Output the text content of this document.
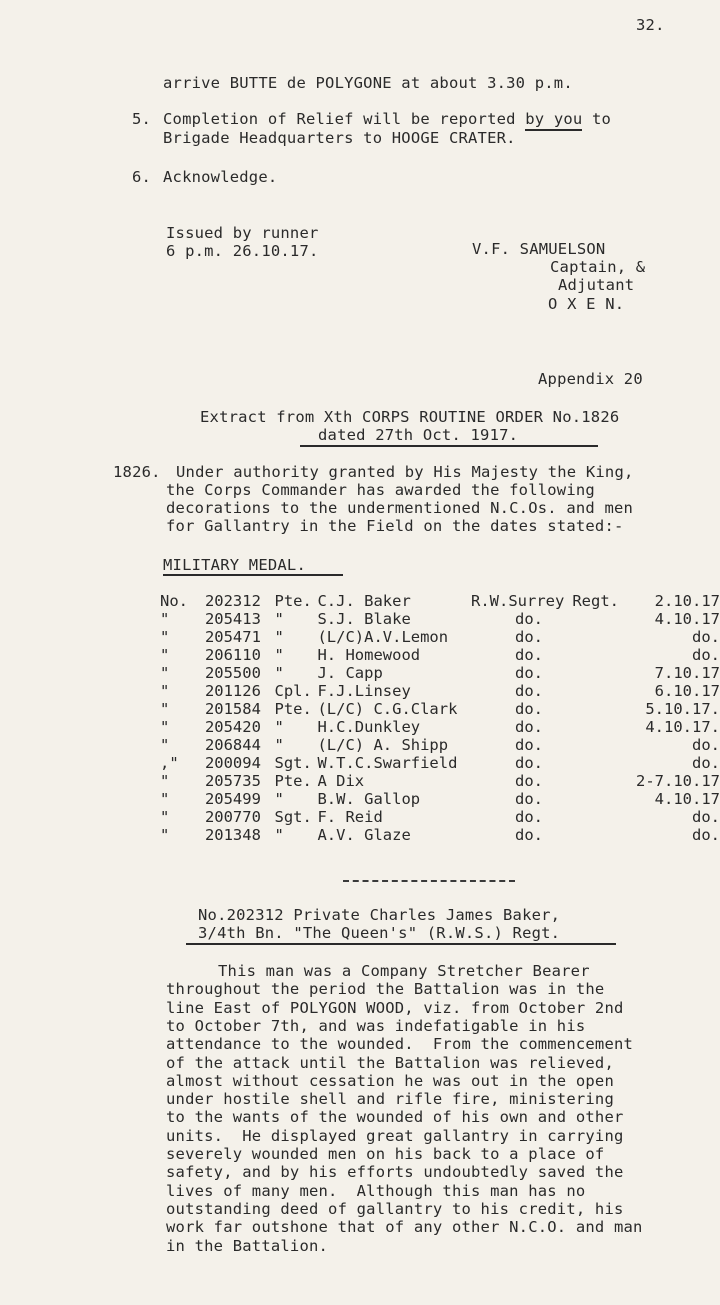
32.
arrive BUTTE de POLYGONE at about 3.30 p.m.
5. Completion of Relief will be reported by you to
Brigade Headquarters to HOOGE CRATER.
6. Acknowledge.
Issued by runner
6 p.m. 26.10.17.	V.F. SAMUELSON
Captain, &
Adjutant
O X E N.
Appendix 20
Extract from Xth CORPS ROUTINE ORDER No.1826
dated 27th Oct. 1917.
1826. Under authority granted by His Majesty the King,
the Corps Commander has awarded the following
decorations to the undermentioned N.C.Os. and men
for Gallantry in the Field on the dates stated:-
MILITARY MEDAL.
No.	202312	Pte.	C.J. Baker	R.W.Surrey Regt.	2.10.17
"	205413	"	S.J. Blake	do.	4.10.17
"	205471	"	(L/C)A.V.Lemon	do.	do.
"	206110	"	H. Homewood	do.	do.
"	205500	"	J. Capp	do.	7.10.17
"	201126	Cpl.	F.J.Linsey	do.	6.10.17
"	201584	Pte.	(L/C) C.G.Clark	do.	5.10.17.
"	205420	"	H.C.Dunkley	do.	4.10.17.
"	206844	"	(L/C) A. Shipp	do.	do.
,"	200094	Sgt.	W.T.C.Swarfield	do.	do.
"	205735	Pte.	A Dix	do.	2-7.10.17
"	205499	"	B.W. Gallop	do.	4.10.17
"	200770	Sgt.	F. Reid	do.	do.
"	201348	"	A.V. Glaze	do.	do.
No.202312 Private Charles James Baker,
3/4th Bn. "The Queen's" (R.W.S.) Regt.
This man was a Company Stretcher Bearer
throughout the period the Battalion was in the
line East of POLYGON WOOD, viz. from October 2nd
to October 7th, and was indefatigable in his
attendance to the wounded.  From the commencement
of the attack until the Battalion was relieved,
almost without cessation he was out in the open
under hostile shell and rifle fire, ministering
to the wants of the wounded of his own and other
units.  He displayed great gallantry in carrying
severely wounded men on his back to a place of
safety, and by his efforts undoubtedly saved the
lives of many men.  Although this man has no
outstanding deed of gallantry to his credit, his
work far outshone that of any other N.C.O. and man
in the Battalion.
